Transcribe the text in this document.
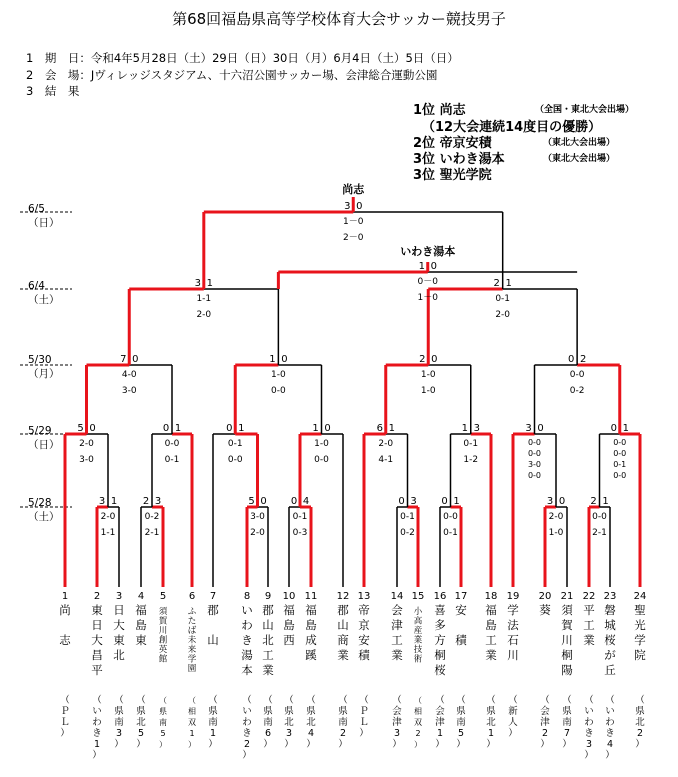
第68回福島県高等学校体育大会サッカー競技男子
1　 期　日：令和4年5月28日（土）29日（日）30日（月）6月4日（土）5日（日）
2　 会　場：Jヴィレッジスタジアム、十六沼公園サッカー場、会津総合運動公園
3　 結　果
1位 尚志	（全国・東北大会出場）
（12大会連続14度目の優勝）
2位 帝京安積	（東北大会出場）
3位 いわき湯本	（東北大会出場）
3位 聖光学院
6/5
（日）
6/4
（土）
5/30
（月）
5/29
（日）
5/28
（土）
3 1
2-0
1-1
2 3
0-2
2-1
5 0
3-0
2-0
0 4
0-1
0-3
0 3
0-1
0-2
0 1
0-0
0-1
3 0
2-0
1-0
2 1
0-0
2-1
5 0
2-0
3-0
0 1
0-0
0-1
0 1
0-1
0-0
1 0
1-0
0-0
6 1
2-0
4-1
1 3
0-1
1-2
3 0
0-0
0-0
3-0
0-0
0 1
0-0
0-0
0-1
0-0
7 0
4-0
3-0
1 0
1-0
0-0
2 0
1-0
1-0
0 2
0-0
0-2
3 1
1-1
2-0
2 1
0-1
2-0
3 0
1－0
2－0
尚志
いわき湯本
1 0
0－0
1－0
1
尚

志
（
Ｐ
Ｌ
）
2
東
日
大
昌
平
（
い
わ
き
1
）
3
日
大
東
北
（
県
南
3
）
4
福
島
東
（
県
北
5
）
5
須
賀
川
創
英
館
（
県
南
5
）
6
ふ
た
ば
未
来
学
園
（
相
双
1
）
7
郡

山
（
県
南
1
）
8
い
わ
き
湯
本
（
い
わ
き
2
）
9
郡
山
北
工
業
（
県
南
6
）
10
福
島
西
（
県
北
3
）
11
福
島
成
蹊
（
県
北
4
）
12
郡
山
商
業
（
県
南
2
）
13
帝
京
安
積
（
Ｐ
Ｌ
）
14
会
津
工
業
（
会
津
3
）
15
小
高
産
業
技
術
（
相
双
2
）
16
喜
多
方
桐
桜
（
会
津
1
）
17
安

積
（
県
南
5
）
18
福
島
工
業
（
県
北
1
）
19
学
法
石
川
（
新
人
）
20
葵
（
会
津
2
）
21
須
賀
川
桐
陽
（
県
南
7
）
22
平
工
業
（
い
わ
き
3
）
23
磐
城
桜
が
丘
（
い
わ
き
4
）
24
聖
光
学
院
（
県
北
2
）
